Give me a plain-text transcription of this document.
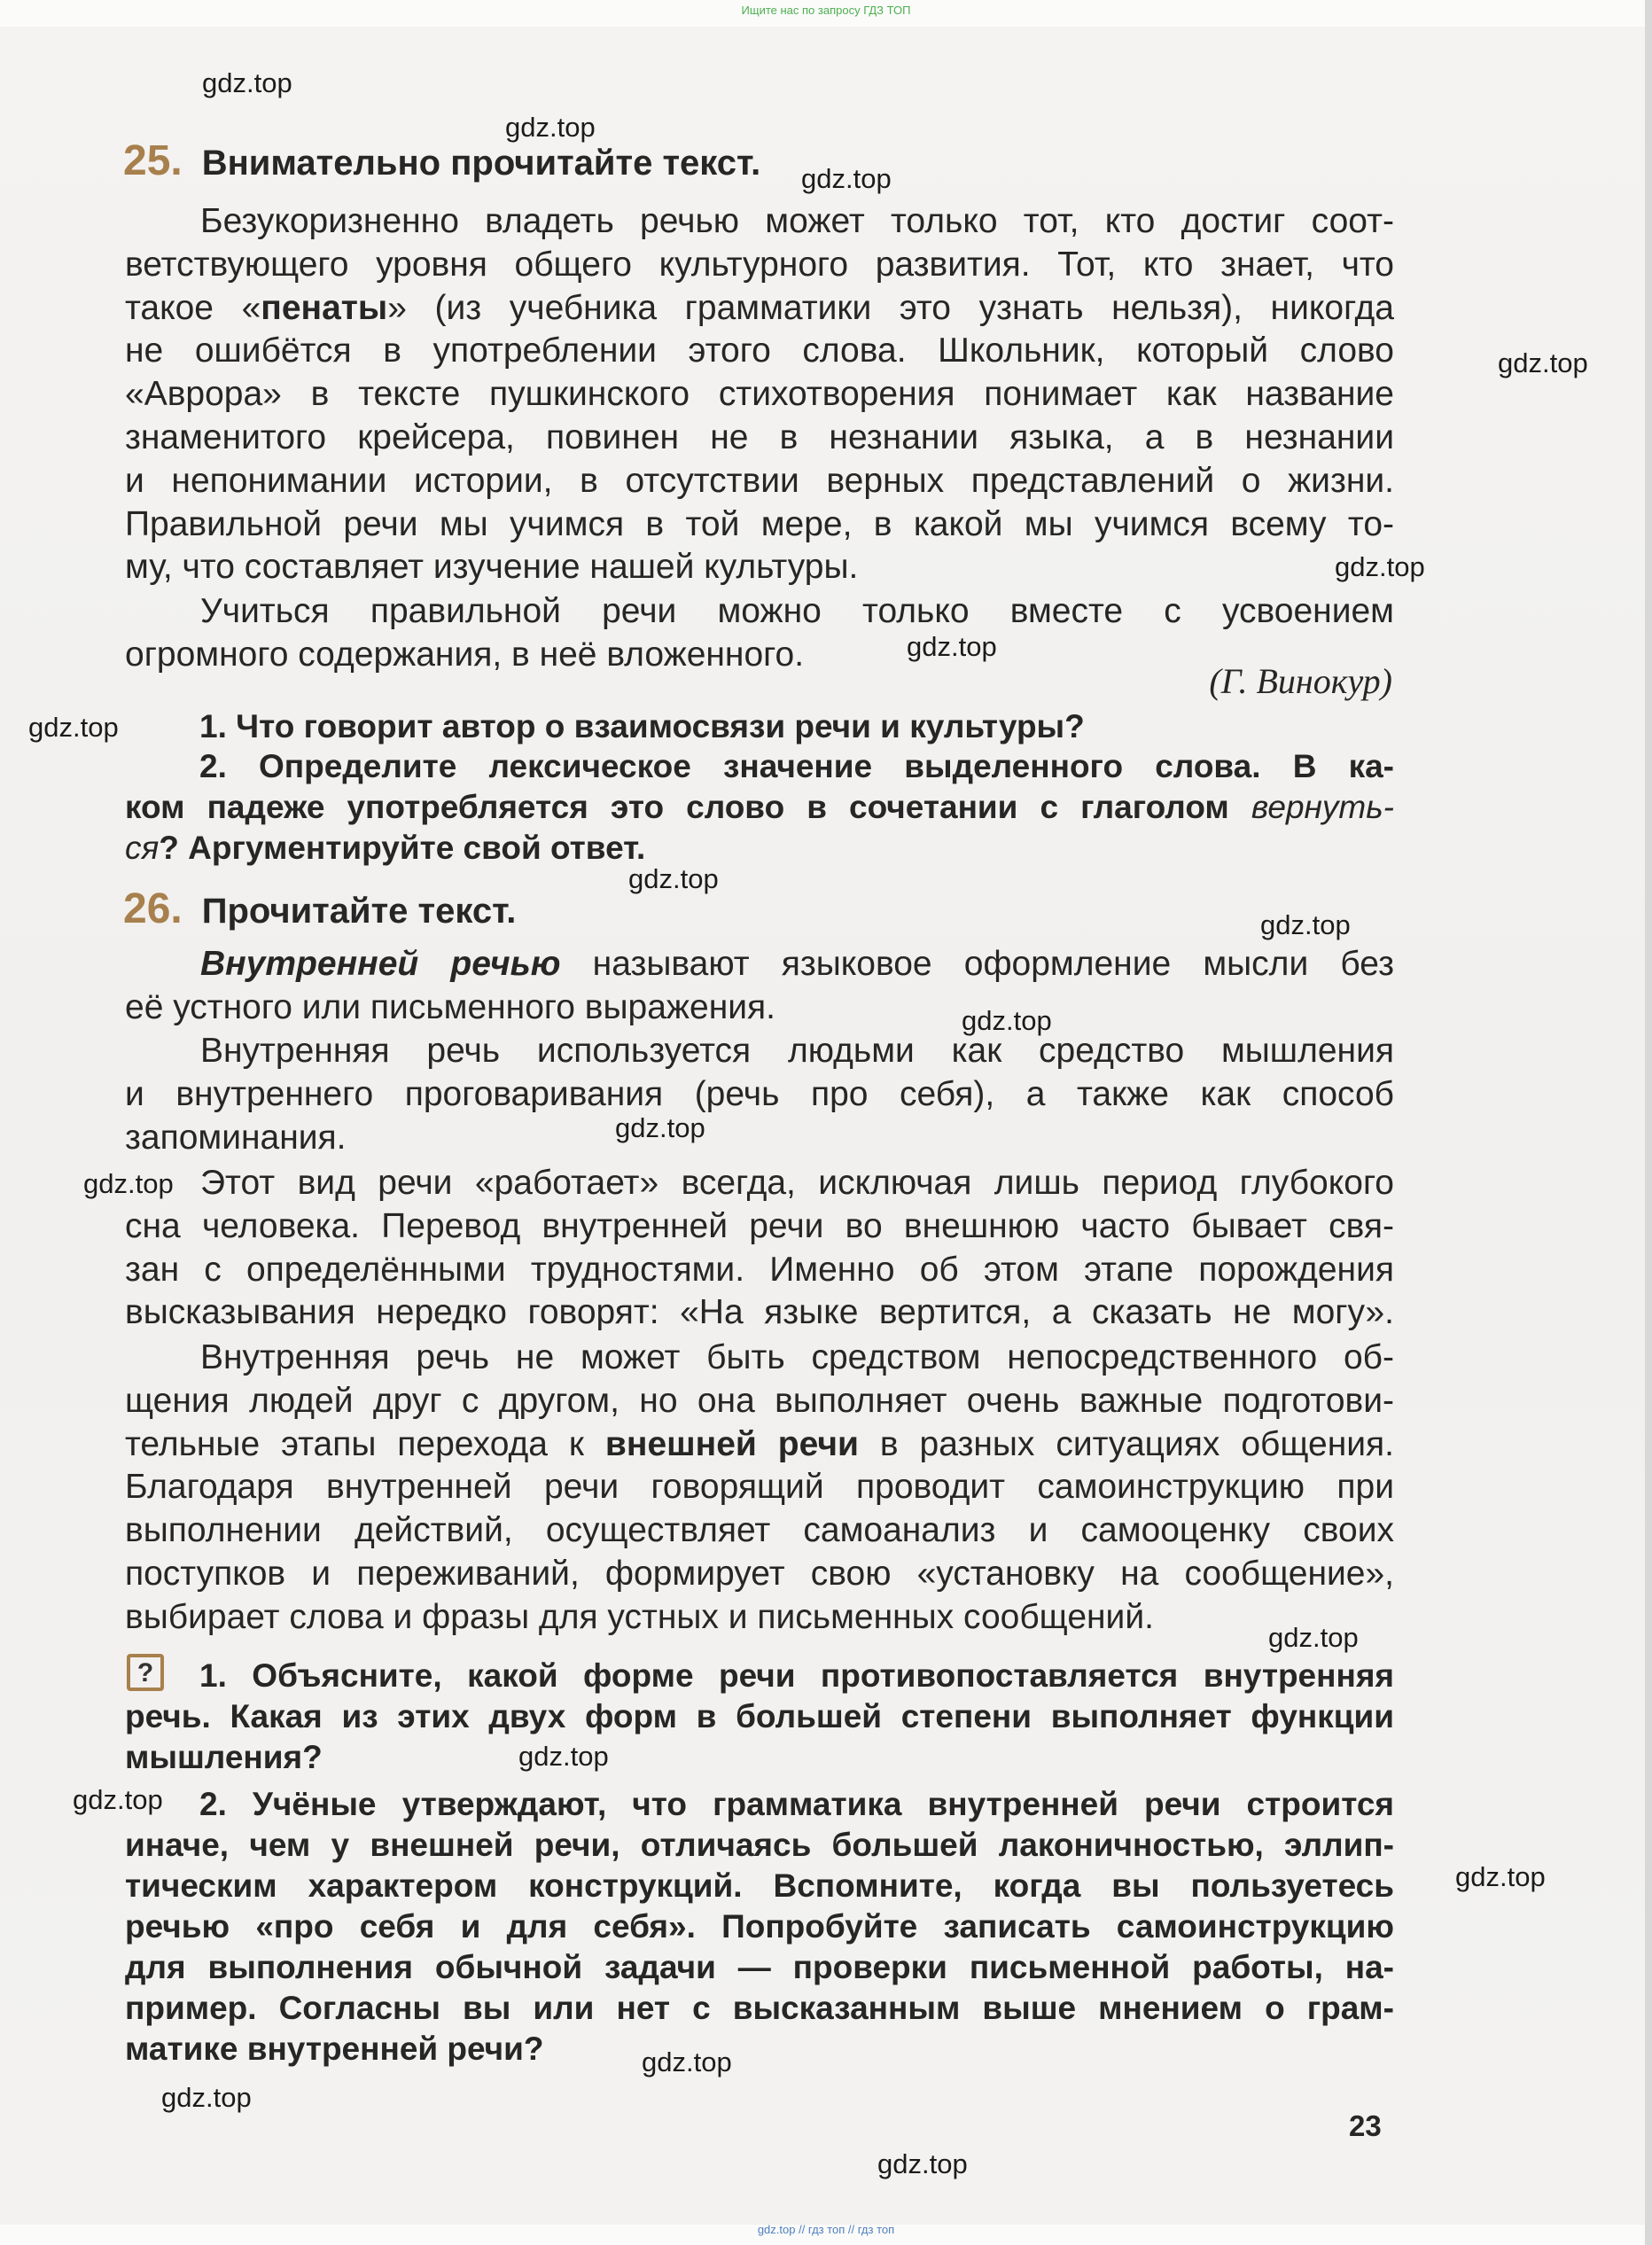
Ищите нас по запросу ГДЗ ТОП
gdz.top
gdz.top
gdz.top
gdz.top
gdz.top
gdz.top
gdz.top
gdz.top
gdz.top
gdz.top
gdz.top
gdz.top
gdz.top
gdz.top
gdz.top
gdz.top
gdz.top
gdz.top
gdz.top
25. Внимательно прочитайте текст.
Безукоризненно владеть речью может только тот, кто достиг соот-
ветствующего уровня общего культурного развития. Тот, кто знает, что
такое «пенаты» (из учебника грамматики это узнать нельзя), никогда
не ошибётся в употреблении этого слова. Школьник, который слово
«Аврора» в тексте пушкинского стихотворения понимает как название
знаменитого крейсера, повинен не в незнании языка, а в незнании
и непонимании истории, в отсутствии верных представлений о жизни.
Правильной речи мы учимся в той мере, в какой мы учимся всему то-
му, что составляет изучение нашей культуры.
Учиться правильной речи можно только вместе с усвоением
огромного содержания, в неё вложенного.
(Г. Винокур)
1. Что говорит автор о взаимосвязи речи и культуры?
2. Определите лексическое значение выделенного слова. В ка-
ком падеже употребляется это слово в сочетании с глаголом вернуть-
ся? Аргументируйте свой ответ.
26. Прочитайте текст.
Внутренней речью называют языковое оформление мысли без
её устного или письменного выражения.
Внутренняя речь используется людьми как средство мышления
и внутреннего проговаривания (речь про себя), а также как способ
запоминания.
Этот вид речи «работает» всегда, исключая лишь период глубокого
сна человека. Перевод внутренней речи во внешнюю часто бывает свя-
зан с определёнными трудностями. Именно об этом этапе порождения
высказывания нередко говорят: «На языке вертится, а сказать не могу».
Внутренняя речь не может быть средством непосредственного об-
щения людей друг с другом, но она выполняет очень важные подготови-
тельные этапы перехода к внешней речи в разных ситуациях общения.
Благодаря внутренней речи говорящий проводит самоинструкцию при
выполнении действий, осуществляет самоанализ и самооценку своих
поступков и переживаний, формирует свою «установку на сообщение»,
выбирает слова и фразы для устных и письменных сообщений.
?	1. Объясните, какой форме речи противопоставляется внутренняя
речь. Какая из этих двух форм в большей степени выполняет функции
мышления?
2. Учёные утверждают, что грамматика внутренней речи строится
иначе, чем у внешней речи, отличаясь большей лаконичностью, эллип-
тическим характером конструкций. Вспомните, когда вы пользуетесь
речью «про себя и для себя». Попробуйте записать самоинструкцию
для выполнения обычной задачи — проверки письменной работы, на-
пример. Согласны вы или нет с высказанным выше мнением о грам-
матике внутренней речи?
23
gdz.top // гдз топ // гдз топ
